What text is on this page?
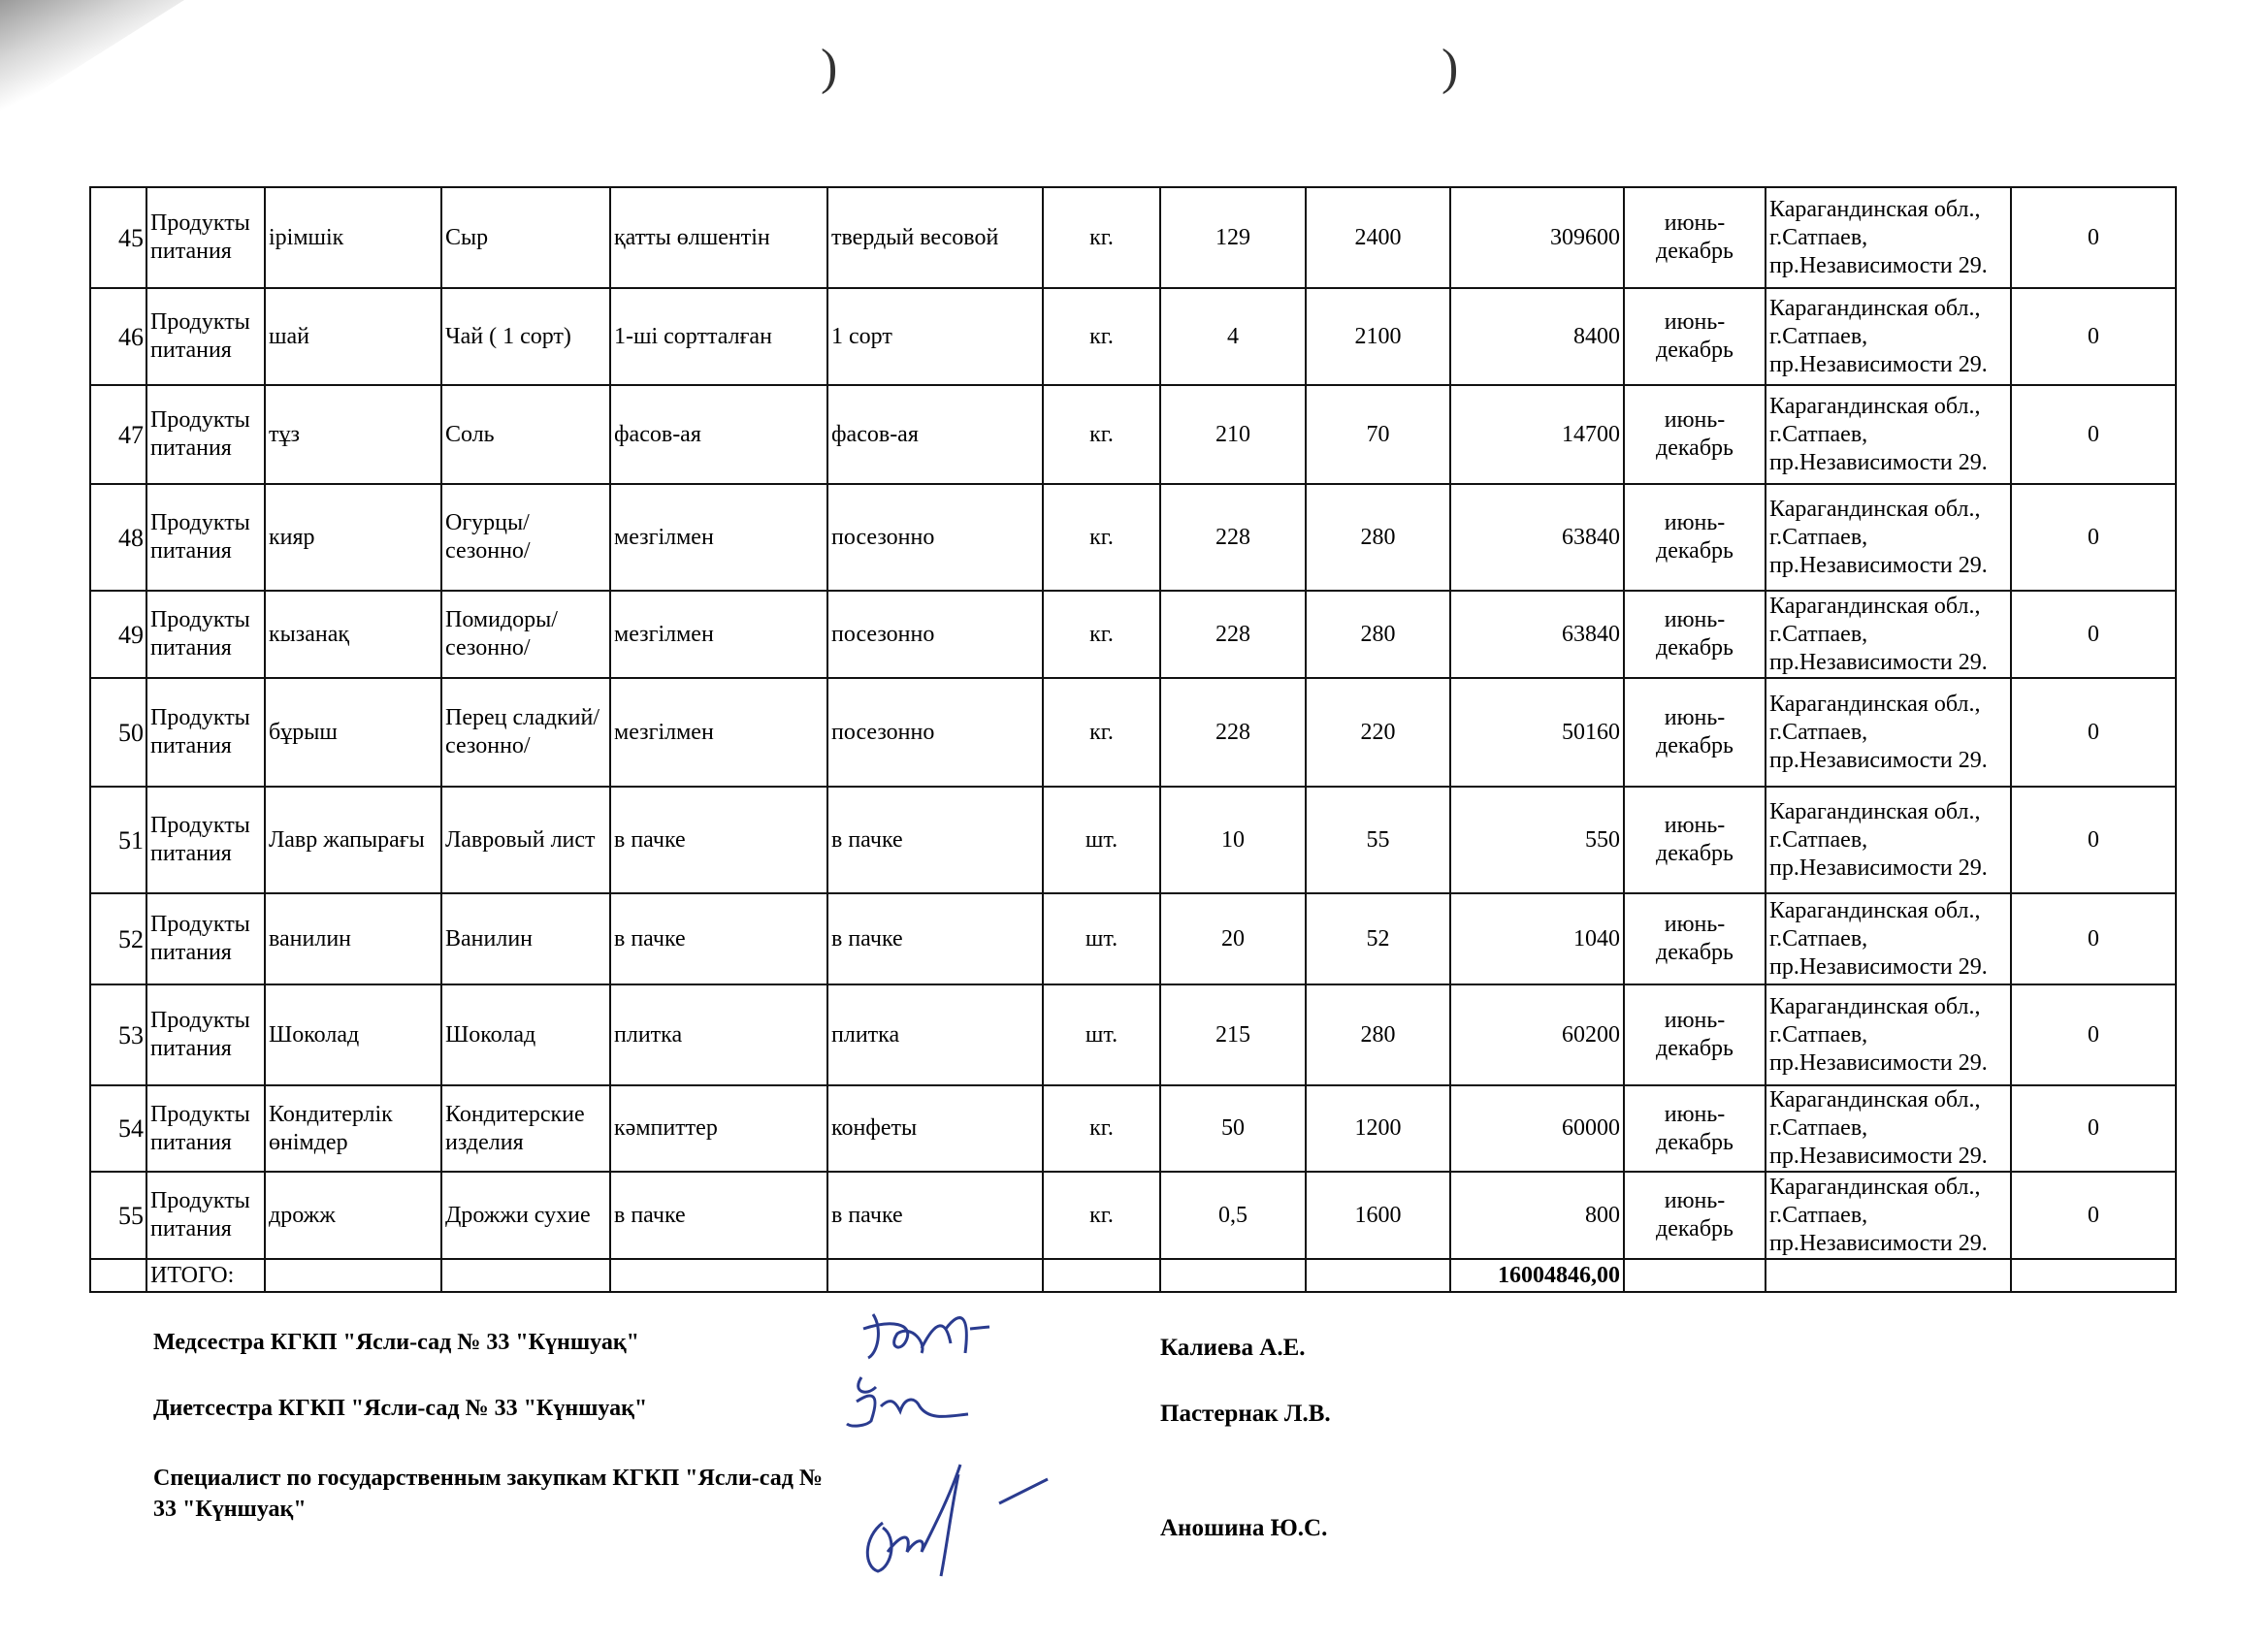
)	)
45	Продукты питания	ірімшік	Сыр	қатты өлшентін	твердый весовой	кг.	129	2400	309600	июнь-декабрь	Карагандинская обл., г.Сатпаев, пр.Независимости 29.	0
46	Продукты питания	шай	Чай ( 1 сорт)	1-ші сортталған	1 сорт	кг.	4	2100	8400	июнь-декабрь	Карагандинская обл., г.Сатпаев, пр.Независимости 29.	0
47	Продукты питания	тұз	Соль	фасов-ая	фасов-ая	кг.	210	70	14700	июнь-декабрь	Карагандинская обл., г.Сатпаев, пр.Независимости 29.	0
48	Продукты питания	кияр	Огурцы/сезонно/	мезгілмен	посезонно	кг.	228	280	63840	июнь-декабрь	Карагандинская обл., г.Сатпаев, пр.Независимости 29.	0
49	Продукты питания	кызанақ	Помидоры/сезонно/	мезгілмен	посезонно	кг.	228	280	63840	июнь-декабрь	Карагандинская обл., г.Сатпаев, пр.Независимости 29.	0
50	Продукты питания	бұрыш	Перец сладкий/сезонно/	мезгілмен	посезонно	кг.	228	220	50160	июнь-декабрь	Карагандинская обл., г.Сатпаев, пр.Независимости 29.	0
51	Продукты питания	Лавр жапырағы	Лавровый лист	в пачке	в пачке	шт.	10	55	550	июнь-декабрь	Карагандинская обл., г.Сатпаев, пр.Независимости 29.	0
52	Продукты питания	ванилин	Ванилин	в пачке	в пачке	шт.	20	52	1040	июнь-декабрь	Карагандинская обл., г.Сатпаев, пр.Независимости 29.	0
53	Продукты питания	Шоколад	Шоколад	плитка	плитка	шт.	215	280	60200	июнь-декабрь	Карагандинская обл., г.Сатпаев, пр.Независимости 29.	0
54	Продукты питания	Кондитерлік өнімдер	Кондитерские изделия	кәмпиттер	конфеты	кг.	50	1200	60000	июнь-декабрь	Карагандинская обл., г.Сатпаев, пр.Независимости 29.	0
55	Продукты питания	дрожж	Дрожжи сухие	в пачке	в пачке	кг.	0,5	1600	800	июнь-декабрь	Карагандинская обл., г.Сатпаев, пр.Независимости 29.	0
	ИТОГО:								16004846,00			
Медсестра КГКП "Ясли-сад № 33 "Күншуақ"
Диетсестра КГКП "Ясли-сад № 33 "Күншуақ"
Специалист по государственным закупкам КГКП "Ясли-сад № 33 "Күншуақ"
Калиева А.Е.
Пастернак Л.В.
Аношина Ю.С.
